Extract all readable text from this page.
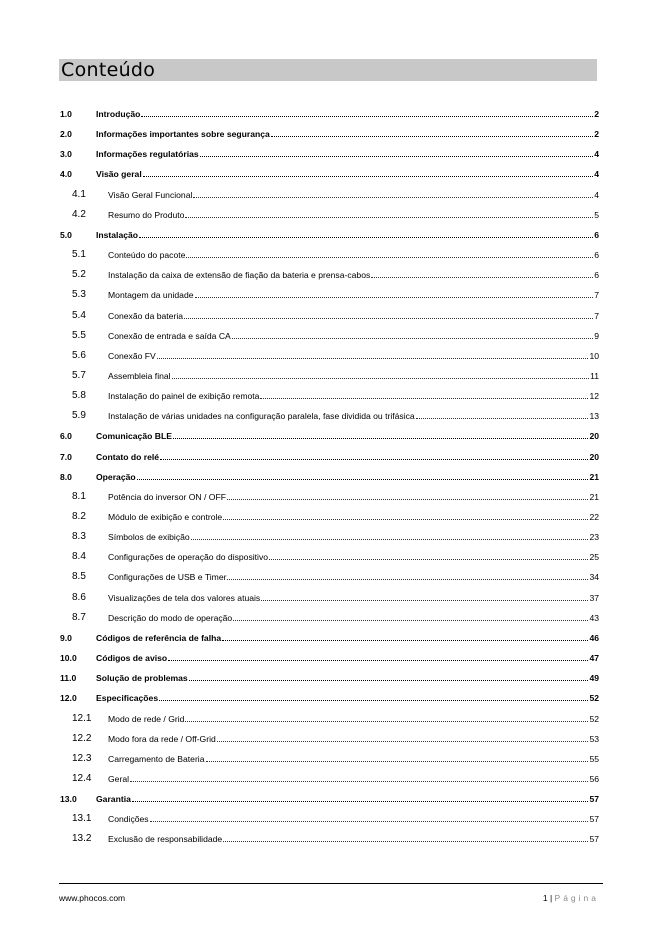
Conteúdo
1.0	Introdução	2
2.0	Informações importantes sobre segurança	2
3.0	Informações regulatórias	4
4.0	Visão geral	4
4.1	Visão Geral Funcional	4
4.2	Resumo do Produto	5
5.0	Instalação	6
5.1	Conteúdo do pacote	6
5.2	Instalação da caixa de extensão de fiação da bateria e prensa-cabos	6
5.3	Montagem da unidade	7
5.4	Conexão da bateria	7
5.5	Conexão de entrada e saída CA	9
5.6	Conexão FV	10
5.7	Assembleia final	11
5.8	Instalação do painel de exibição remota	12
5.9	Instalação de várias unidades na configuração paralela, fase dividida ou trifásica	13
6.0	Comunicação BLE	20
7.0	Contato do relé	20
8.0	Operação	21
8.1	Potência do inversor ON / OFF	21
8.2	Módulo de exibição e controle	22
8.3	Símbolos de exibição	23
8.4	Configurações de operação do dispositivo	25
8.5	Configurações de USB e Timer	34
8.6	Visualizações de tela dos valores atuais	37
8.7	Descrição do modo de operação	43
9.0	Códigos de referência de falha	46
10.0 Códigos de aviso	47
11.0 Solução de problemas	49
12.0 Especificações	52
12.1 Modo de rede / Grid	52
12.2 Modo fora da rede / Off-Grid	53
12.3 Carregamento de Bateria	55
12.4 Geral	56
13.0 Garantia	57
13.1 Condições	57
13.2 Exclusão de responsabilidade	57
www.phocos.com	1 | Página
